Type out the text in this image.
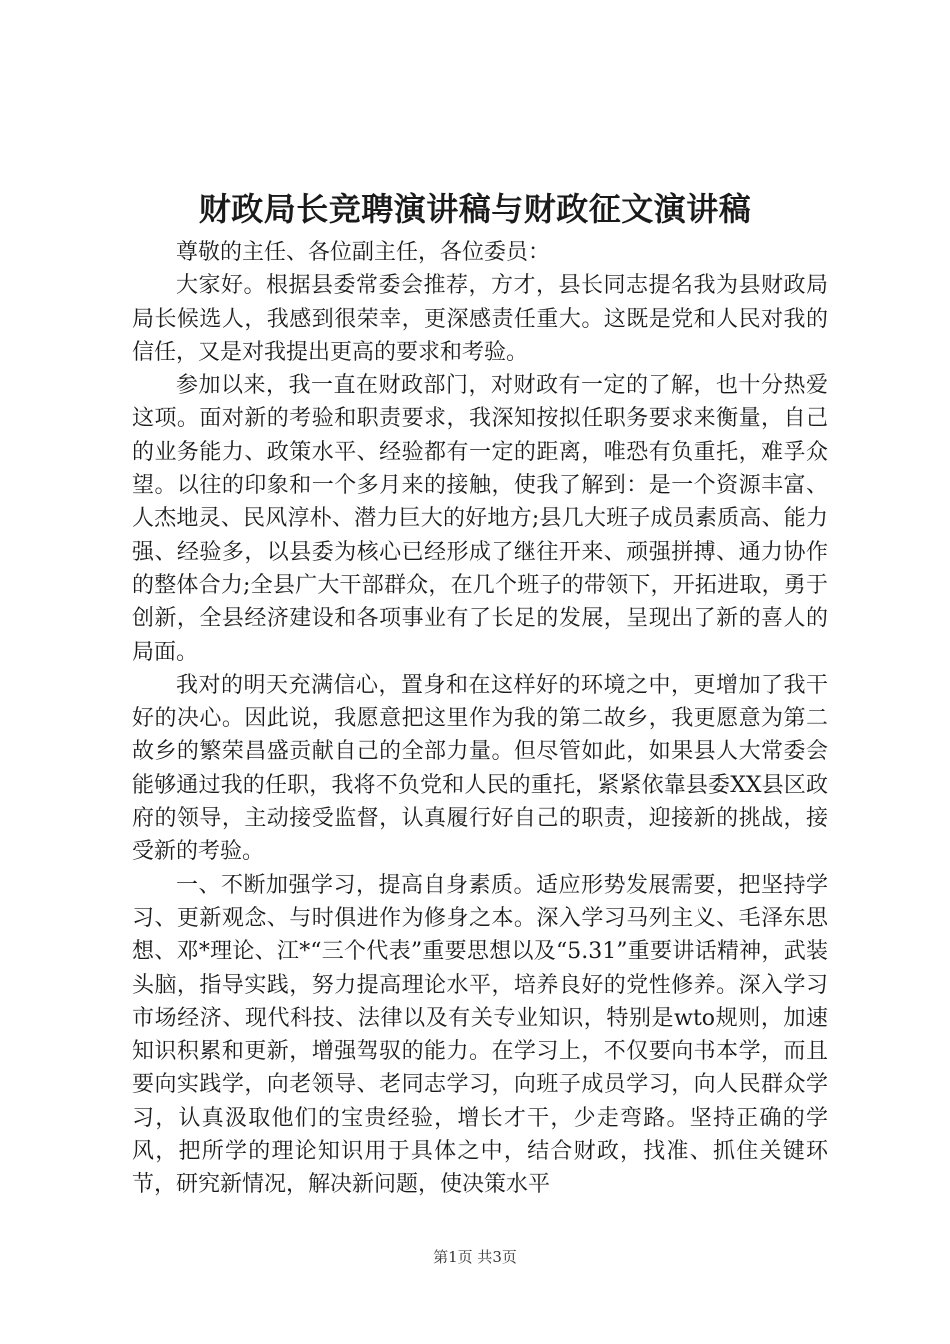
财政局长竞聘演讲稿与财政征文演讲稿

尊敬的主任、各位副主任，各位委员：

大家好。根据县委常委会推荐，方才，县长同志提名我为县财政局局长候选人，我感到很荣幸，更深感责任重大。这既是党和人民对我的信任，又是对我提出更高的要求和考验。

参加以来，我一直在财政部门，对财政有一定的了解，也十分热爱这项。面对新的考验和职责要求，我深知按拟任职务要求来衡量，自己的业务能力、政策水平、经验都有一定的距离，唯恐有负重托，难孚众望。以往的印象和一个多月来的接触，使我了解到：是一个资源丰富、人杰地灵、民风淳朴、潜力巨大的好地方;县几大班子成员素质高、能力强、经验多，以县委为核心已经形成了继往开来、顽强拼搏、通力协作的整体合力;全县广大干部群众，在几个班子的带领下，开拓进取，勇于创新，全县经济建设和各项事业有了长足的发展，呈现出了新的喜人的局面。

我对的明天充满信心，置身和在这样好的环境之中，更增加了我干好的决心。因此说，我愿意把这里作为我的第二故乡，我更愿意为第二故乡的繁荣昌盛贡献自己的全部力量。但尽管如此，如果县人大常委会能够通过我的任职，我将不负党和人民的重托，紧紧依靠县委XX县区政府的领导，主动接受监督，认真履行好自己的职责，迎接新的挑战，接受新的考验。

一、不断加强学习，提高自身素质。适应形势发展需要，把坚持学习、更新观念、与时俱进作为修身之本。深入学习马列主义、毛泽东思想、邓*理论、江*“三个代表”重要思想以及“5.31”重要讲话精神，武装头脑，指导实践，努力提高理论水平，培养良好的党性修养。深入学习市场经济、现代科技、法律以及有关专业知识，特别是wto规则，加速知识积累和更新，增强驾驭的能力。在学习上，不仅要向书本学，而且要向实践学，向老领导、老同志学习，向班子成员学习，向人民群众学习，认真汲取他们的宝贵经验，增长才干，少走弯路。坚持正确的学风，把所学的理论知识用于具体之中，结合财政，找准、抓住关键环节，研究新情况，解决新问题，使决策水平

第1页 共3页
